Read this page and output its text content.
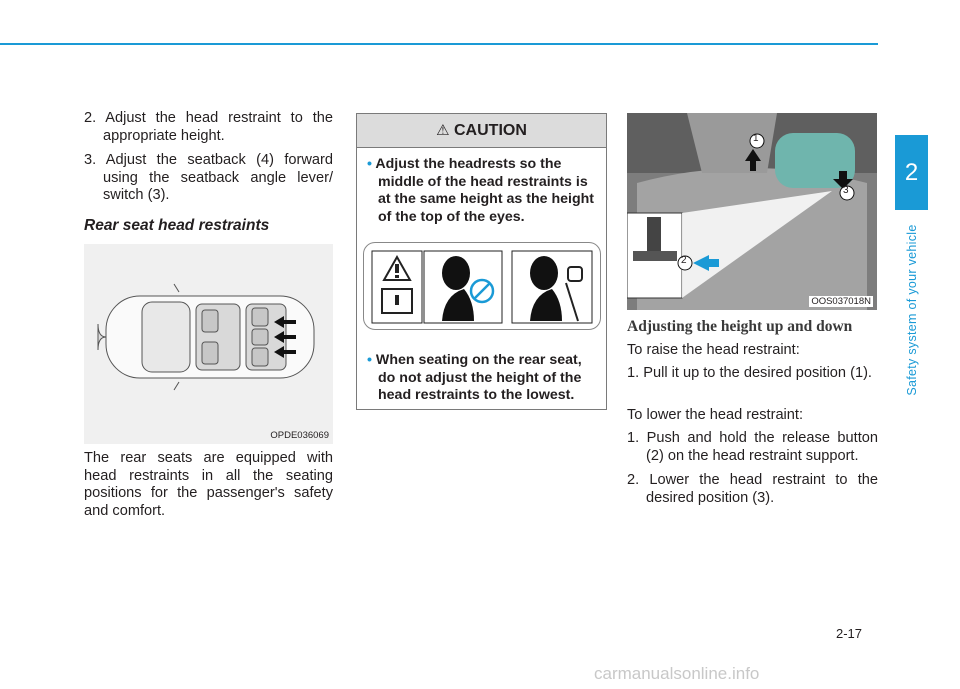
2. Adjust the head restraint to the appropriate height.

3. Adjust the seatback (4) forward using the seatback angle lever/ switch (3).

Rear seat head restraints
OPDE036069

The rear seats are equipped with head restraints in all the seating positions for the passenger's safety and comfort.

⚠ CAUTION
• Adjust the headrests so the middle of the head restraints is at the same height as the height of the top of the eyes.
• When seating on the rear seat, do not adjust the height of the head restraints to the lowest.
1
2
3
OOS037018N

Adjusting the height up and down

To raise the head restraint:

1. Pull it up to the desired position (1).

To lower the head restraint:

1. Push and hold the release button (2) on the head restraint support.

2. Lower the head restraint to the desired position (3).

2
Safety system of your vehicle
2-17
carmanualsonline.info
